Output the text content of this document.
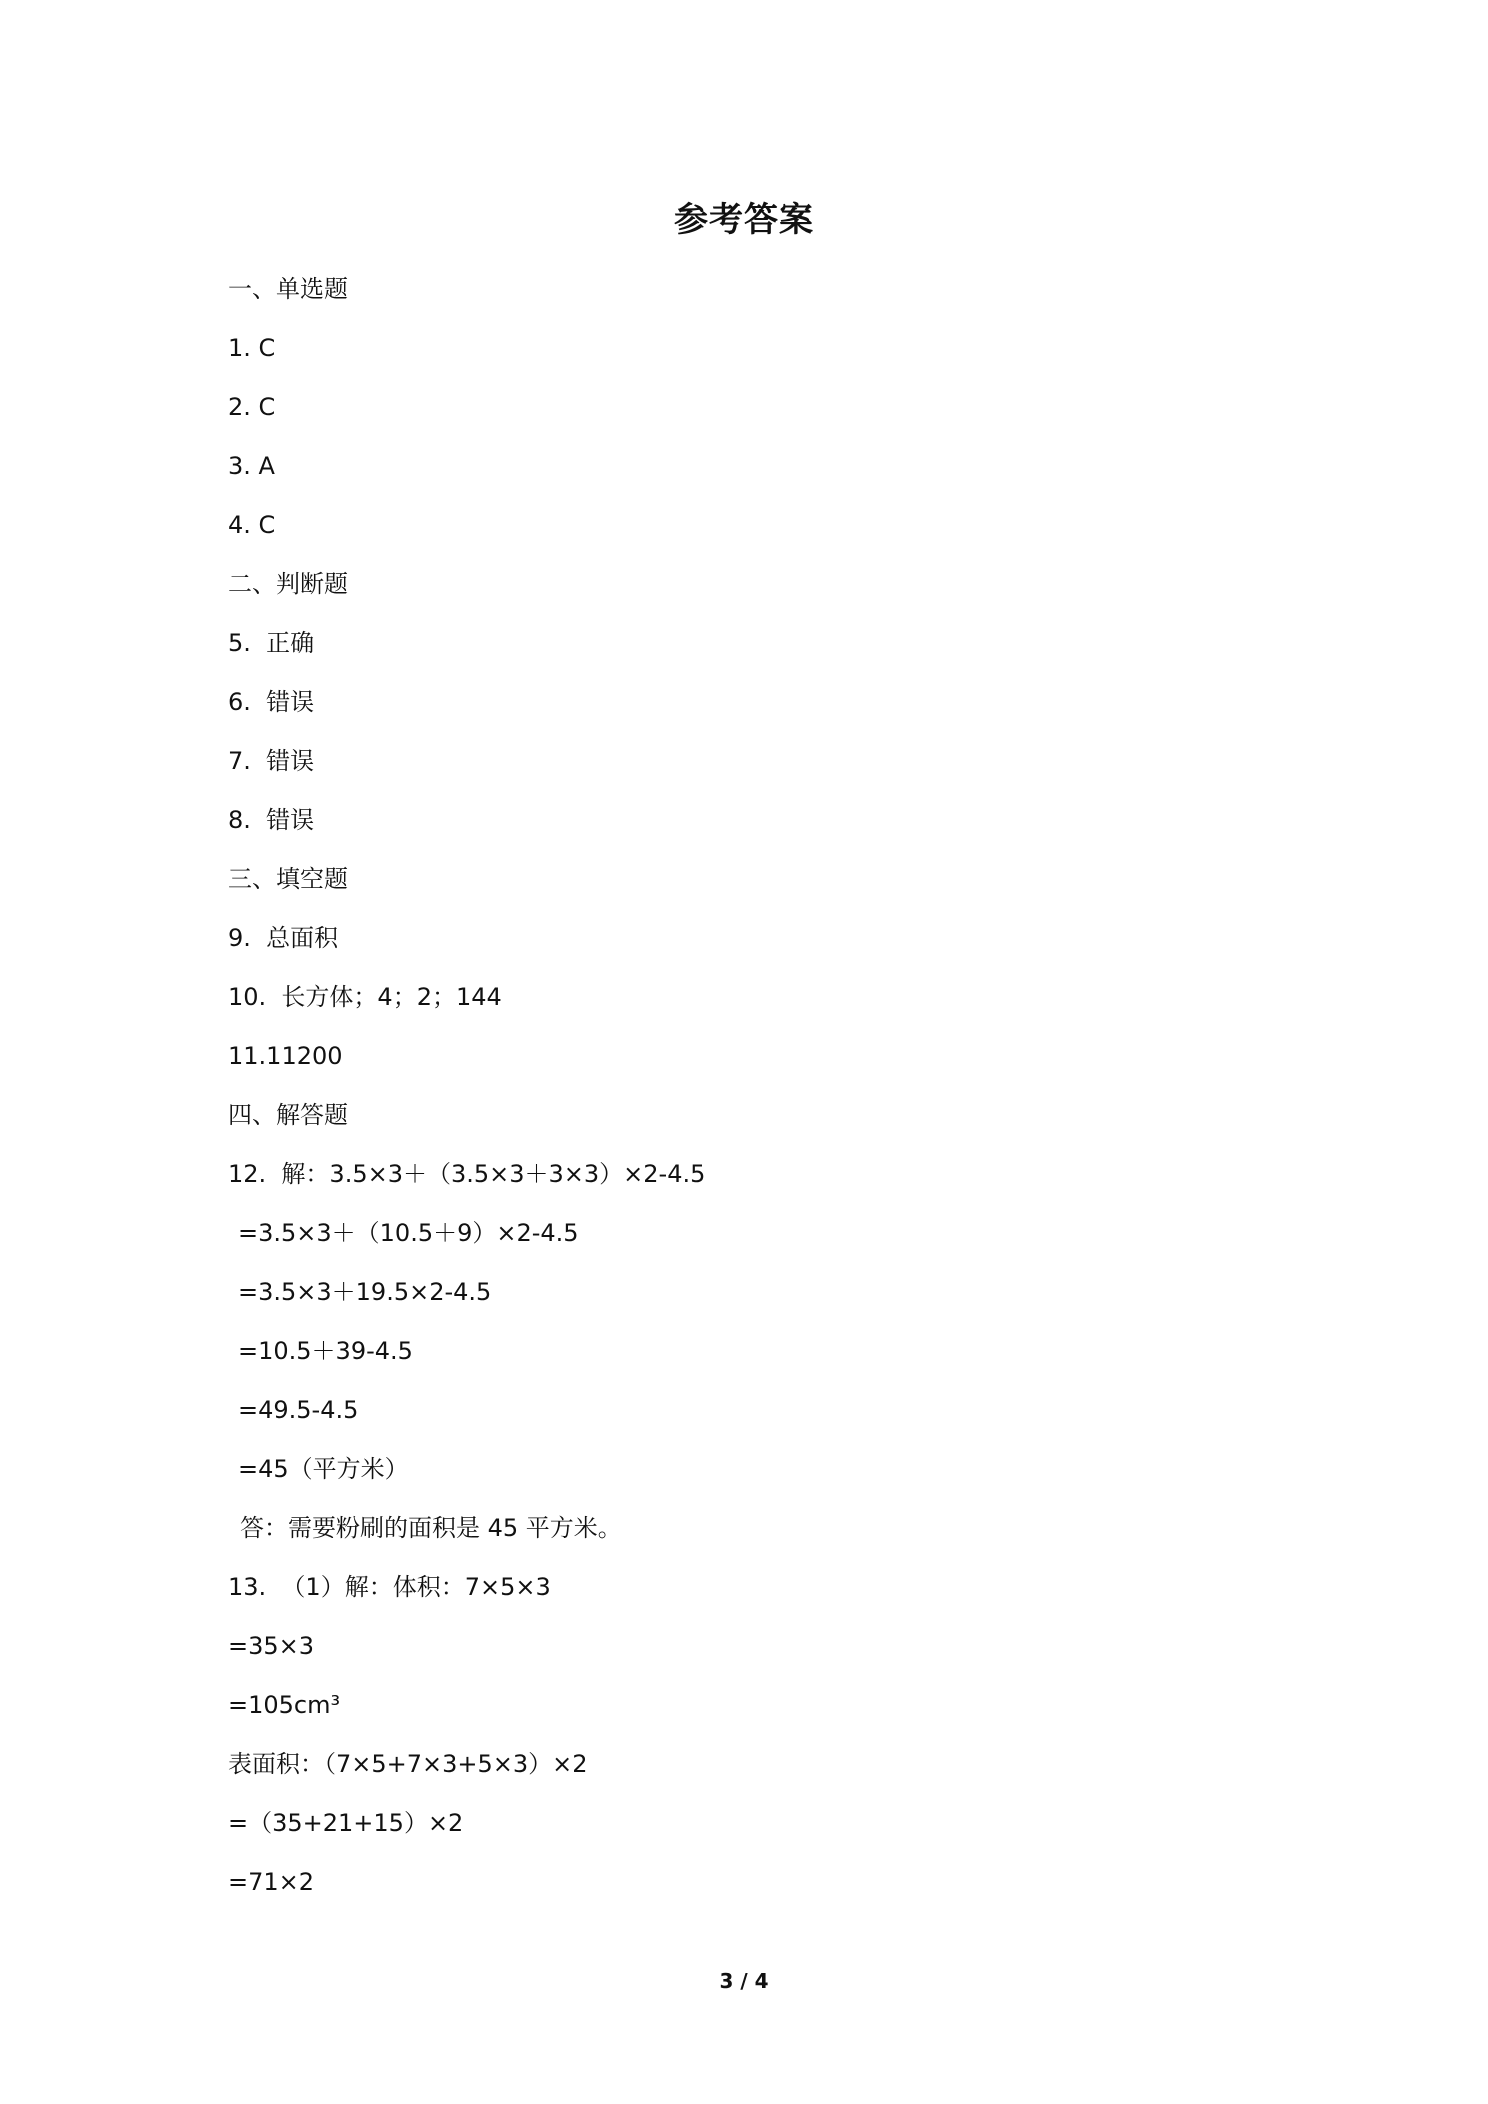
参考答案
一、单选题
1. C
2. C
3. A
4. C
二、判断题
5.  正确
6.  错误
7.  错误
8.  错误
三、填空题
9.  总面积
10.  长方体；4；2；144
11.11200
四、解答题
12.  解：3.5×3＋（3.5×3＋3×3）×2-4.5
=3.5×3＋（10.5＋9）×2-4.5
=3.5×3＋19.5×2-4.5
=10.5＋39-4.5
=49.5-4.5
=45（平方米）
答：需要粉刷的面积是 45 平方米。
13.  （1）解：体积：7×5×3
=35×3
=105cm³
表面积：（7×5+7×3+5×3）×2
=（35+21+15）×2
=71×2
3 / 4
